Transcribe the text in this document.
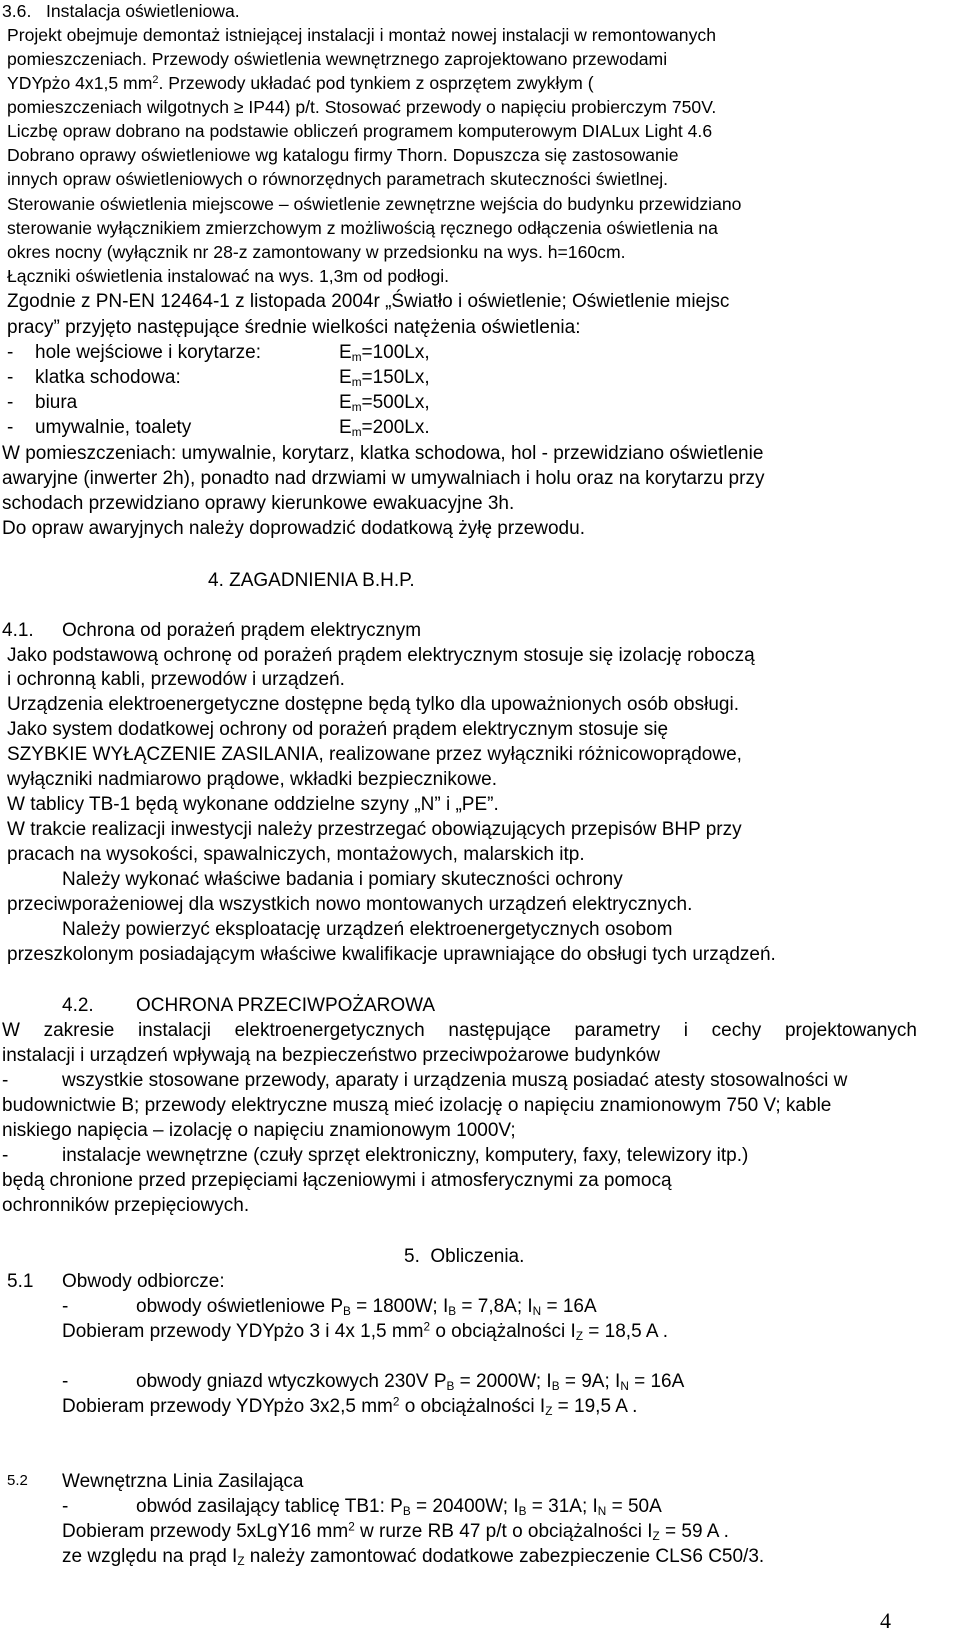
3.6.   Instalacja oświetleniowa.
Projekt obejmuje demontaż istniejącej instalacji i montaż nowej instalacji w remontowanych
pomieszczeniach. Przewody oświetlenia wewnętrznego zaprojektowano przewodami
YDYpżo 4x1,5 $mm^2$. Przewody układać pod tynkiem z osprzętem zwykłym (
pomieszczeniach wilgotnych ≥ IP44) p/t. Stosować przewody o napięciu probierczym 750V.
Liczbę opraw dobrano na podstawie obliczeń programem komputerowym DIALux Light 4.6
Dobrano oprawy oświetleniowe wg katalogu firmy Thorn. Dopuszcza się zastosowanie
innych opraw oświetleniowych o równorzędnych parametrach skuteczności świetlnej.
Sterowanie oświetlenia miejscowe – oświetlenie zewnętrzne wejścia do budynku przewidziano
sterowanie wyłącznikiem zmierzchowym z możliwością ręcznego odłączenia oświetlenia na
okres nocny (wyłącznik nr 28-z zamontowany w przedsionku na wys. h=160cm.
Łączniki oświetlenia instalować na wys. 1,3m od podłogi.
Zgodnie z PN-EN 12464-1 z listopada 2004r „Światło i oświetlenie; Oświetlenie miejsc
pracy” przyjęto następujące średnie wielkości natężenia oświetlenia:
- hole wejściowe i korytarze:	$E_m=100Lx$,
- klatka schodowa:	$E_m=150Lx$,
- biura	$E_m=500Lx$,
- umywalnie, toalety	$E_m=200Lx$.
W pomieszczeniach: umywalnie, korytarz, klatka schodowa, hol - przewidziano oświetlenie
awaryjne (inwerter 2h), ponadto nad drzwiami w umywalniach i holu oraz na korytarzu przy
schodach przewidziano oprawy kierunkowe ewakuacyjne 3h.
Do opraw awaryjnych należy doprowadzić dodatkową żyłę przewodu.
4. ZAGADNIENIA B.H.P.
4.1. Ochrona od porażeń prądem elektrycznym
Jako podstawową ochronę od porażeń prądem elektrycznym stosuje się izolację roboczą
i ochronną kabli, przewodów i urządzeń.
Urządzenia elektroenergetyczne dostępne będą tylko dla upoważnionych osób obsługi.
Jako system dodatkowej ochrony od porażeń prądem elektrycznym stosuje się
SZYBKIE WYŁĄCZENIE ZASILANIA, realizowane przez wyłączniki różnicowoprądowe,
wyłączniki nadmiarowo prądowe, wkładki bezpiecznikowe.
W tablicy TB-1 będą wykonane oddzielne szyny „N” i „PE”.
W trakcie realizacji inwestycji należy przestrzegać obowiązujących przepisów BHP przy
pracach na wysokości, spawalniczych, montażowych, malarskich itp.
Należy wykonać właściwe badania i pomiary skuteczności ochrony
przeciwporażeniowej dla wszystkich nowo montowanych urządzeń elektrycznych.
Należy powierzyć eksploatację urządzeń elektroenergetycznych osobom
przeszkolonym posiadającym właściwe kwalifikacje uprawniające do obsługi tych urządzeń.
4.2. OCHRONA PRZECIWPOŻAROWA
W zakresie instalacji elektroenergetycznych następujące parametry i cechy projektowanych
instalacji i urządzeń wpływają na bezpieczeństwo przeciwpożarowe budynków
-	wszystkie stosowane przewody, aparaty i urządzenia muszą posiadać atesty stosowalności w
budownictwie B; przewody elektryczne muszą mieć izolację o napięciu znamionowym 750 V; kable
niskiego napięcia – izolację o napięciu znamionowym 1000V;
-	instalacje wewnętrzne (czuły sprzęt elektroniczny, komputery, faxy, telewizory itp.)
będą chronione przed przepięciami łączeniowymi i atmosferycznymi za pomocą
ochronników przepięciowych.
5.  Obliczenia.
5.1 Obwody odbiorcze:
-	obwody oświetleniowe $P_B = 1800W$; $I_B = 7,8A$; $I_N = 16A$
Dobieram przewody YDYpżo 3 i 4x 1,5 $mm^2$ o obciążalności $I_Z = 18,5$ A .
-	obwody gniazd wtyczkowych 230V $P_B = 2000W$; $I_B = 9A$; $I_N = 16A$
Dobieram przewody YDYpżo 3x2,5 $mm^2$ o obciążalności $I_Z = 19,5$ A .
5.2 Wewnętrzna Linia Zasilająca
-	obwód zasilający tablicę TB1: $P_B = 20400W$; $I_B = 31A$; $I_N = 50A$
Dobieram przewody 5xLgY16 $mm^2$ w rurze RB 47 p/t o obciążalności $I_Z = 59$ A .
ze względu na prąd $I_Z$ należy zamontować dodatkowe zabezpieczenie CLS6 C50/3.
4
